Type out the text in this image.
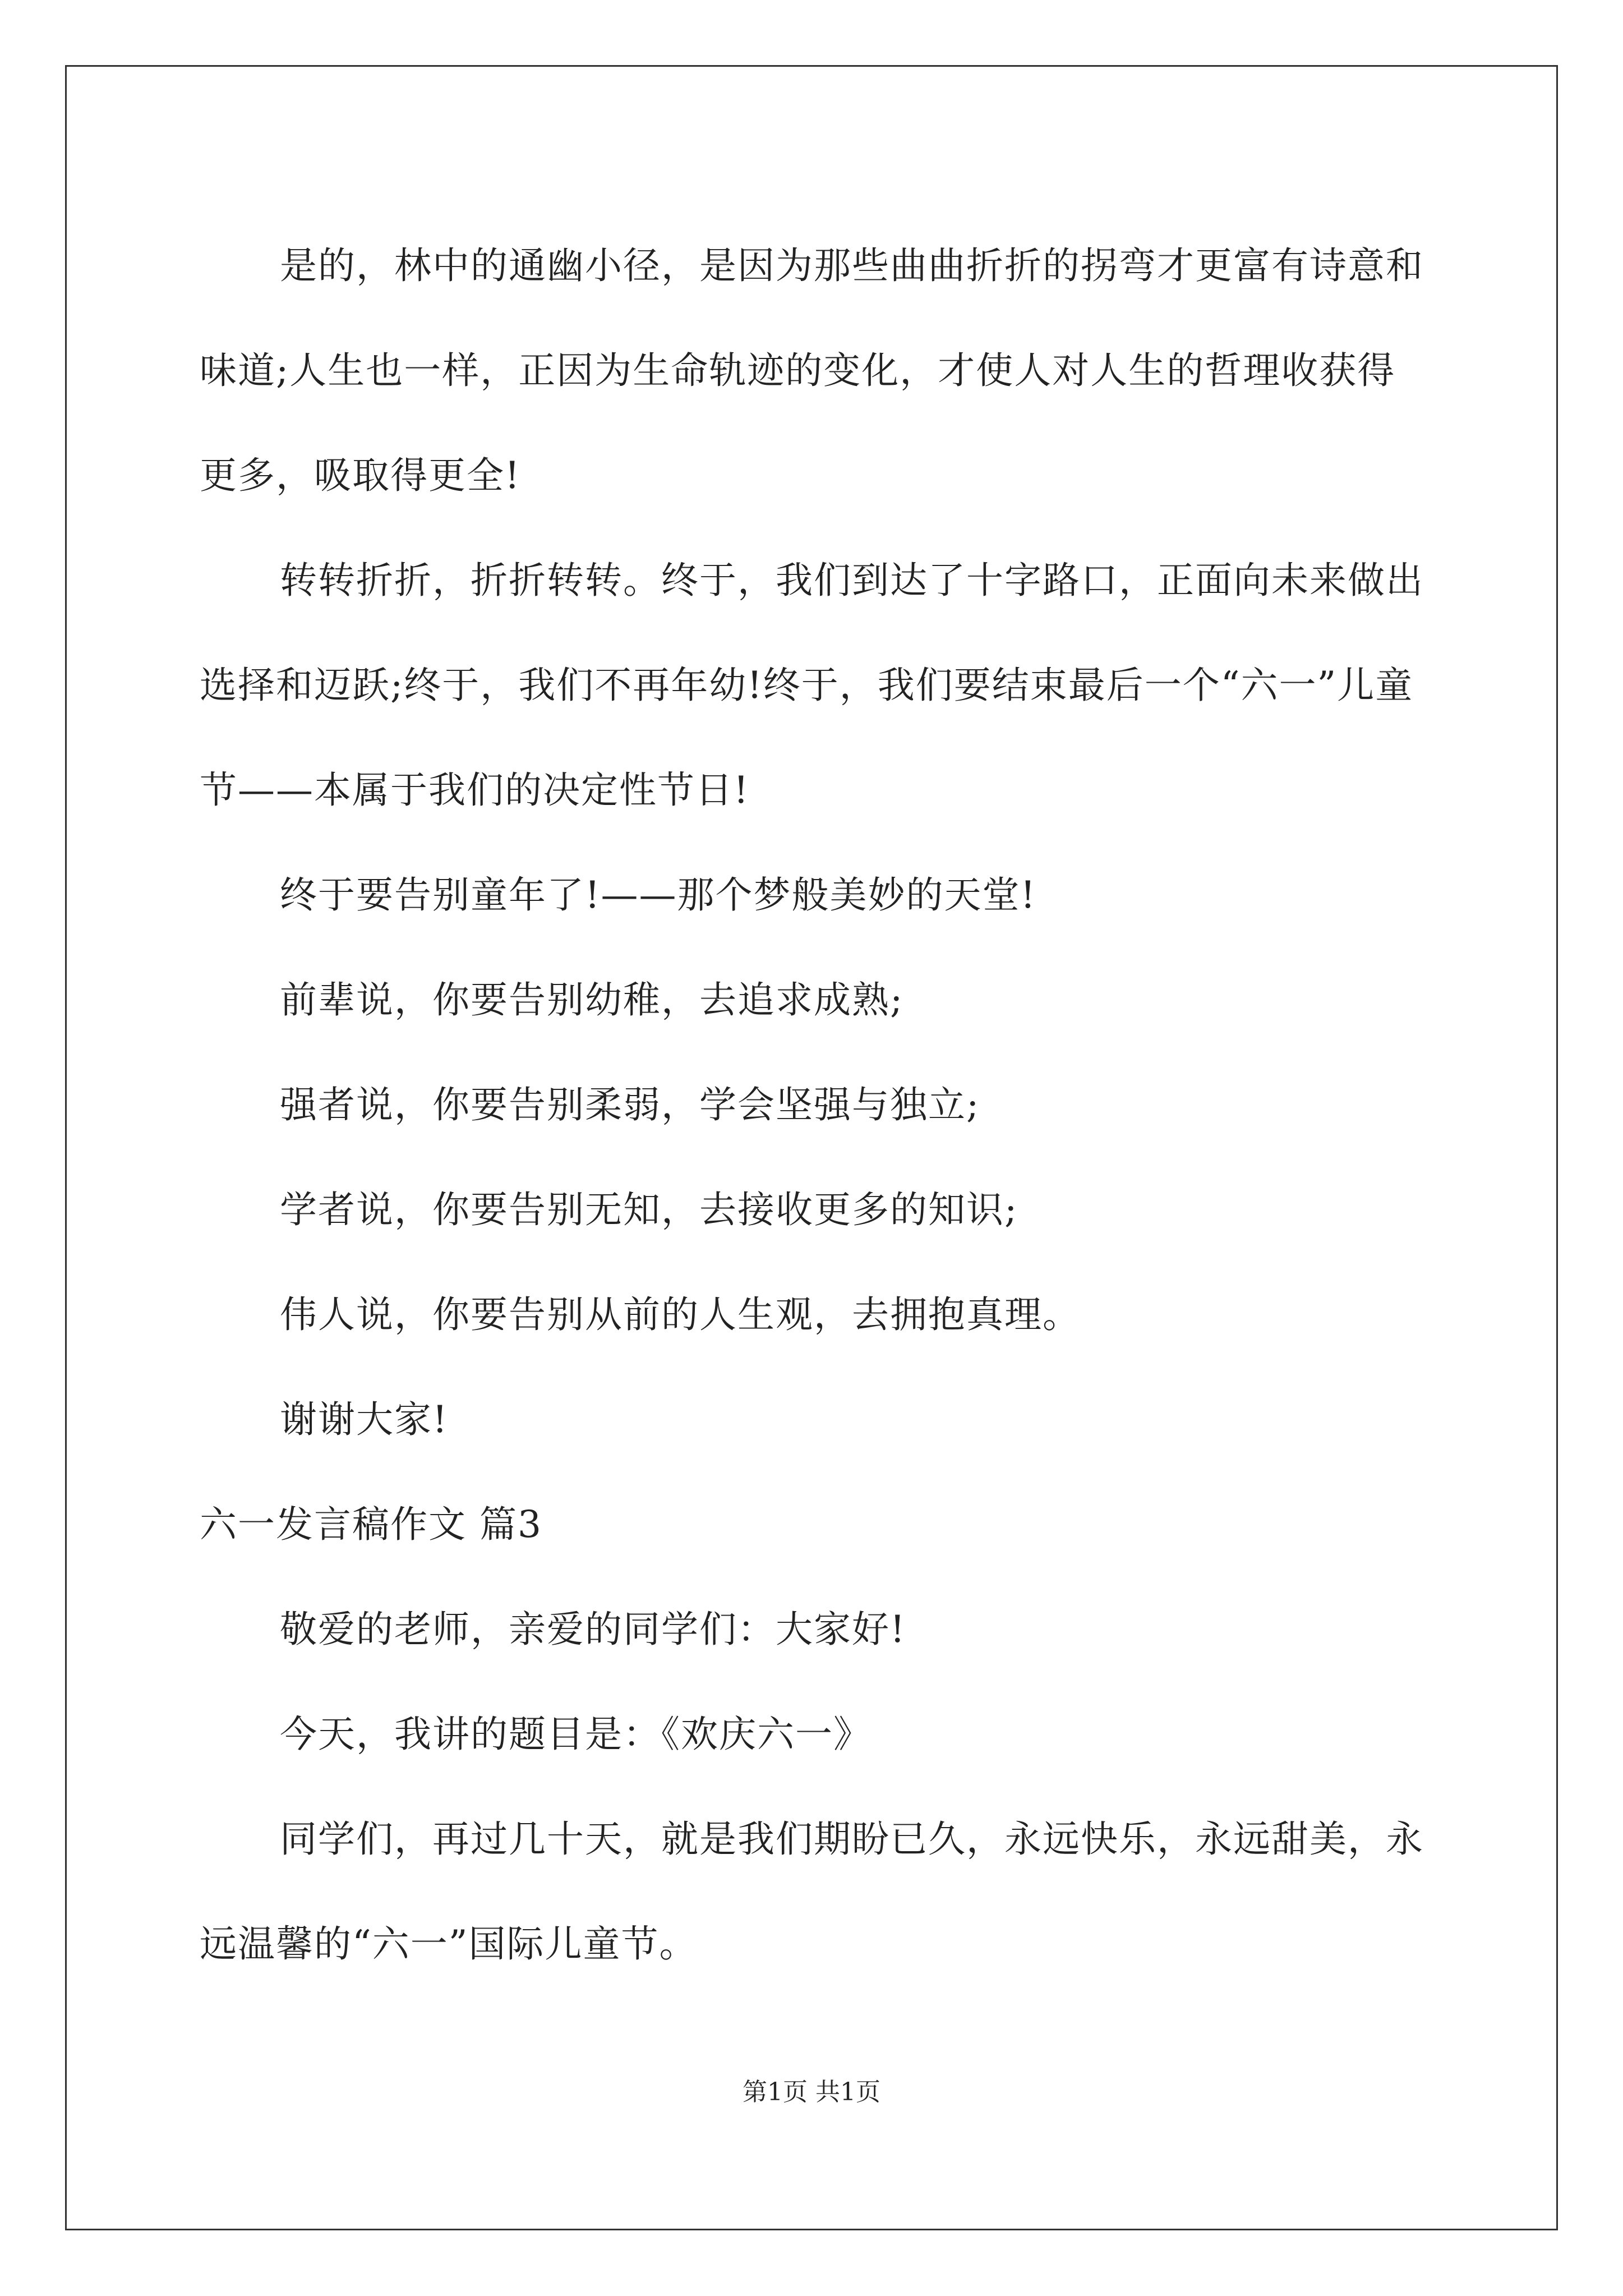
是的，林中的通幽小径，是因为那些曲曲折折的拐弯才更富有诗意和味道;人生也一样，正因为生命轨迹的变化，才使人对人生的哲理收获得更多，吸取得更全!

转转折折，折折转转。终于，我们到达了十字路口，正面向未来做出选择和迈跃;终于，我们不再年幼!终于，我们要结束最后一个“六一”儿童节——本属于我们的决定性节日!

终于要告别童年了!——那个梦般美妙的天堂!

前辈说，你要告别幼稚，去追求成熟;

强者说，你要告别柔弱，学会坚强与独立;

学者说，你要告别无知，去接收更多的知识;

伟人说，你要告别从前的人生观，去拥抱真理。

谢谢大家!

六一发言稿作文 篇3

敬爱的老师，亲爱的同学们：大家好!

今天，我讲的题目是：《欢庆六一》

同学们，再过几十天，就是我们期盼已久，永远快乐，永远甜美，永远温馨的“六一”国际儿童节。

第1页 共1页
